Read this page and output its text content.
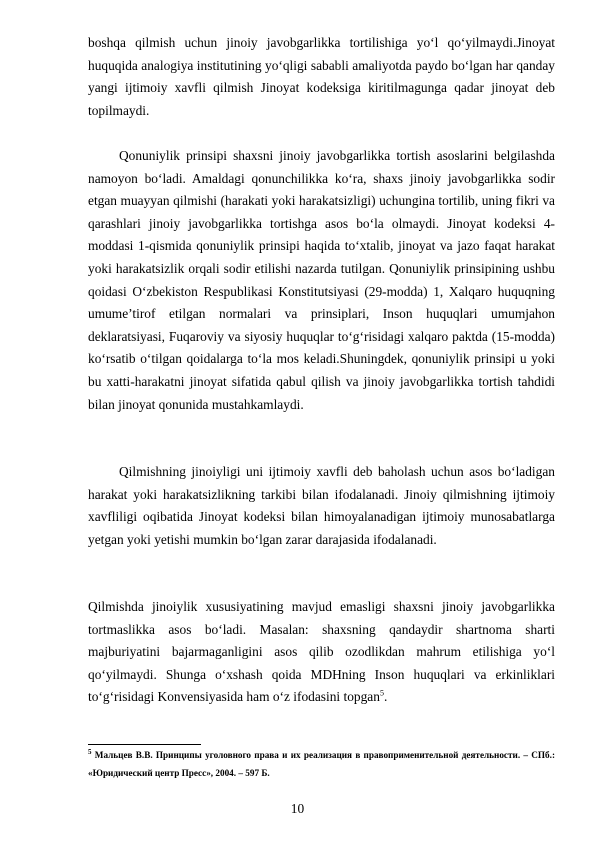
boshqa qilmish uchun jinoiy javobgarlikka tortilishiga yo‘l qo‘yilmaydi.Jinoyat huquqida analogiya institutining yo‘qligi sababli amaliyotda paydo bo‘lgan har qanday yangi ijtimoiy xavfli qilmish Jinoyat kodeksiga kiritilmagunga qadar jinoyat deb topilmaydi.

Qonuniylik prinsipi shaxsni jinoiy javobgarlikka tortish asoslarini belgilashda namoyon bo‘ladi. Amaldagi qonunchilikka ko‘ra, shaxs jinoiy javobgarlikka sodir etgan muayyan qilmishi (harakati yoki harakatsizligi) uchungina tortilib, uning fikri va qarashlari jinoiy javobgarlikka tortishga asos bo‘la olmaydi. Jinoyat kodeksi 4-moddasi 1-qismida qonuniylik prinsipi haqida to‘xtalib, jinoyat va jazo faqat harakat yoki harakatsizlik orqali sodir etilishi nazarda tutilgan. Qonuniylik prinsipining ushbu qoidasi O‘zbekiston Respublikasi Konstitutsiyasi (29-modda) 1, Xalqaro huquqning umume’tirof etilgan normalari va prinsiplari, Inson huquqlari umumjahon deklaratsiyasi, Fuqaroviy va siyosiy huquqlar to‘g‘risidagi xalqaro paktda (15-modda) ko‘rsatib o‘tilgan qoidalarga to‘la mos keladi.Shuningdek, qonuniylik prinsipi u yoki bu xatti-harakatni jinoyat sifatida qabul qilish va jinoiy javobgarlikka tortish tahdidi bilan jinoyat qonunida mustahkamlaydi.

Qilmishning jinoiyligi uni ijtimoiy xavfli deb baholash uchun asos bo‘ladigan harakat yoki harakatsizlikning tarkibi bilan ifodalanadi. Jinoiy qilmishning ijtimoiy xavfliligi oqibatida Jinoyat kodeksi bilan himoyalanadigan ijtimoiy munosabatlarga yetgan yoki yetishi mumkin bo‘lgan zarar darajasida ifodalanadi.

Qilmishda jinoiylik xususiyatining mavjud emasligi shaxsni jinoiy javobgarlikka tortmaslikka asos bo‘ladi. Masalan: shaxsning qandaydir shartnoma sharti majburiyatini bajarmaganligini asos qilib ozodlikdan mahrum etilishiga yo‘l qo‘yilmaydi. Shunga o‘xshash qoida MDHning Inson huquqlari va erkinliklari to‘g‘risidagi Konvensiyasida ham o‘z ifodasini topgan$^5$.

$^5$ Мальцев В.В. Принципы уголовного права и их реализация в правоприменительной деятельности. – СПб.: «Юридический центр Пресс», 2004. – 597 Б.

10
